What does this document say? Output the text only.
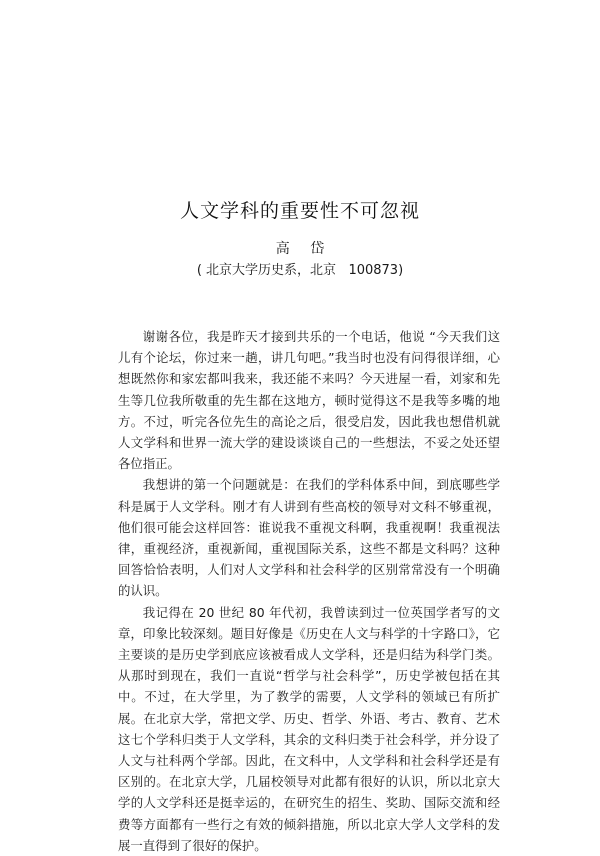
人文学科的重要性不可忽视
高 岱
( 北京大学历史系，北京   100873)

谢谢各位，我是昨天才接到共乐的一个电话，他说 “今天我们这儿有个论坛，你过来一趟，讲几句吧。”我当时也没有问得很详细，心想既然你和家宏都叫我来，我还能不来吗？今天进屋一看，刘家和先生等几位我所敬重的先生都在这地方，顿时觉得这不是我等多嘴的地方。不过，听完各位先生的高论之后，很受启发，因此我也想借机就人文学科和世界一流大学的建设谈谈自己的一些想法，不妥之处还望各位指正。

我想讲的第一个问题就是：在我们的学科体系中间，到底哪些学科是属于人文学科。刚才有人讲到有些高校的领导对文科不够重视，他们很可能会这样回答：谁说我不重视文科啊，我重视啊！我重视法律，重视经济，重视新闻，重视国际关系，这些不都是文科吗？这种回答恰恰表明，人们对人文学科和社会科学的区别常常没有一个明确的认识。

我记得在 20 世纪 80 年代初，我曾读到过一位英国学者写的文章，印象比较深刻。题目好像是《历史在人文与科学的十字路口》，它主要谈的是历史学到底应该被看成人文学科，还是归结为科学门类。从那时到现在，我们一直说“哲学与社会科学”，历史学被包括在其中。不过，在大学里，为了教学的需要，人文学科的领域已有所扩展。在北京大学，常把文学、历史、哲学、外语、考古、教育、艺术这七个学科归类于人文学科，其余的文科归类于社会科学，并分设了人文与社科两个学部。因此，在文科中，人文学科和社会科学还是有区别的。在北京大学，几届校领导对此都有很好的认识，所以北京大学的人文学科还是挺幸运的，在研究生的招生、奖助、国际交流和经费等方面都有一些行之有效的倾斜措施，所以北京大学人文学科的发展一直得到了很好的保护。
